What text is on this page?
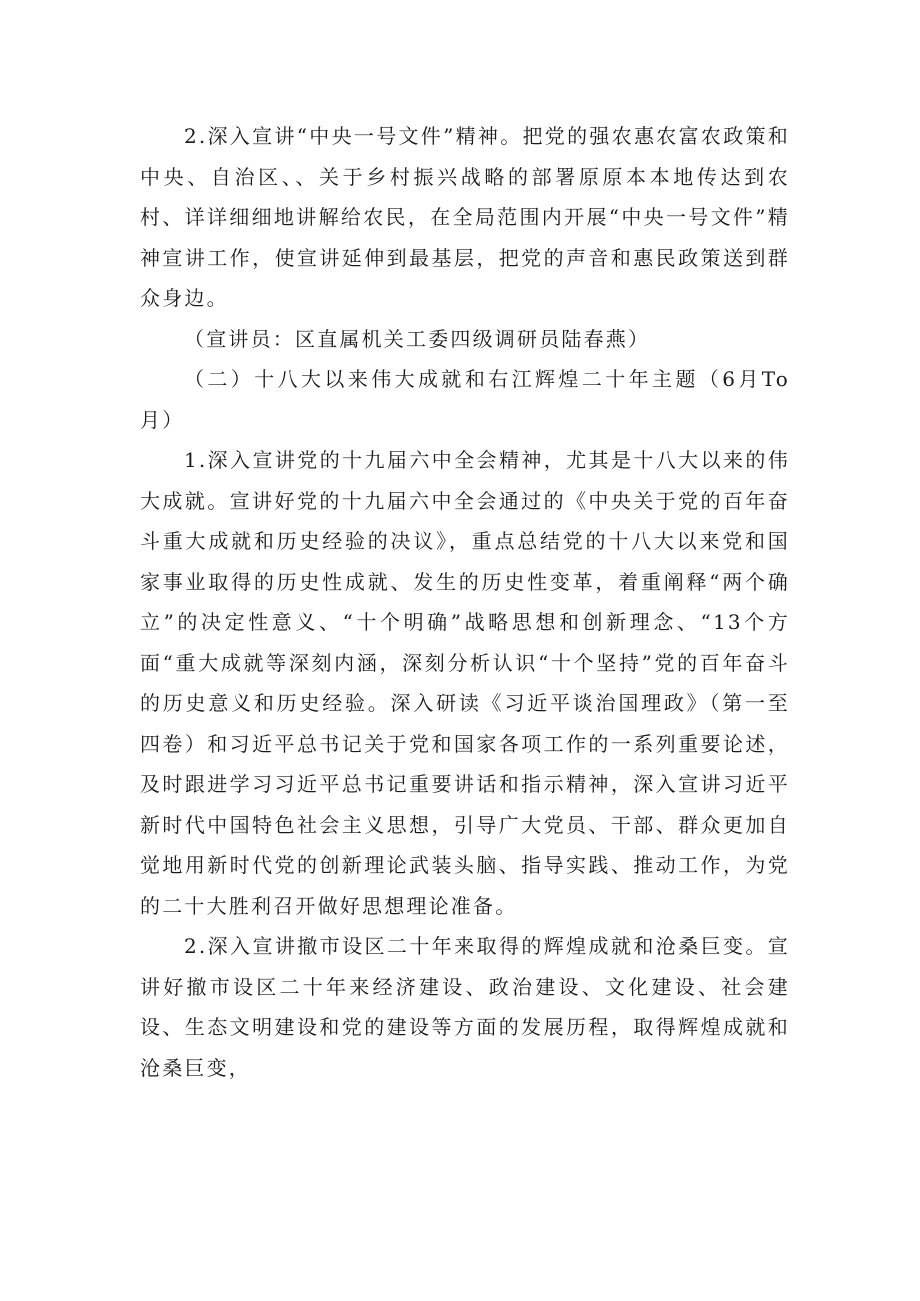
2.深入宣讲“中央一号文件”精神。把党的强农惠农富农政策和中央、自治区、、关于乡村振兴战略的部署原原本本地传达到农村、详详细细地讲解给农民，在全局范围内开展“中央一号文件”精神宣讲工作，使宣讲延伸到最基层，把党的声音和惠民政策送到群众身边。

（宣讲员：区直属机关工委四级调研员陆春燕）

（二）十八大以来伟大成就和右江辉煌二十年主题（6月To月）

1.深入宣讲党的十九届六中全会精神，尤其是十八大以来的伟大成就。宣讲好党的十九届六中全会通过的《中央关于党的百年奋斗重大成就和历史经验的决议》，重点总结党的十八大以来党和国家事业取得的历史性成就、发生的历史性变革，着重阐释“两个确立”的决定性意义、“十个明确”战略思想和创新理念、“13个方面“重大成就等深刻内涵，深刻分析认识“十个坚持”党的百年奋斗的历史意义和历史经验。深入研读《习近平谈治国理政》（第一至四卷）和习近平总书记关于党和国家各项工作的一系列重要论述，及时跟进学习习近平总书记重要讲话和指示精神，深入宣讲习近平新时代中国特色社会主义思想，引导广大党员、干部、群众更加自觉地用新时代党的创新理论武装头脑、指导实践、推动工作，为党的二十大胜利召开做好思想理论准备。

2.深入宣讲撤市设区二十年来取得的辉煌成就和沧桑巨变。宣讲好撤市设区二十年来经济建设、政治建设、文化建设、社会建设、生态文明建设和党的建设等方面的发展历程，取得辉煌成就和沧桑巨变，
